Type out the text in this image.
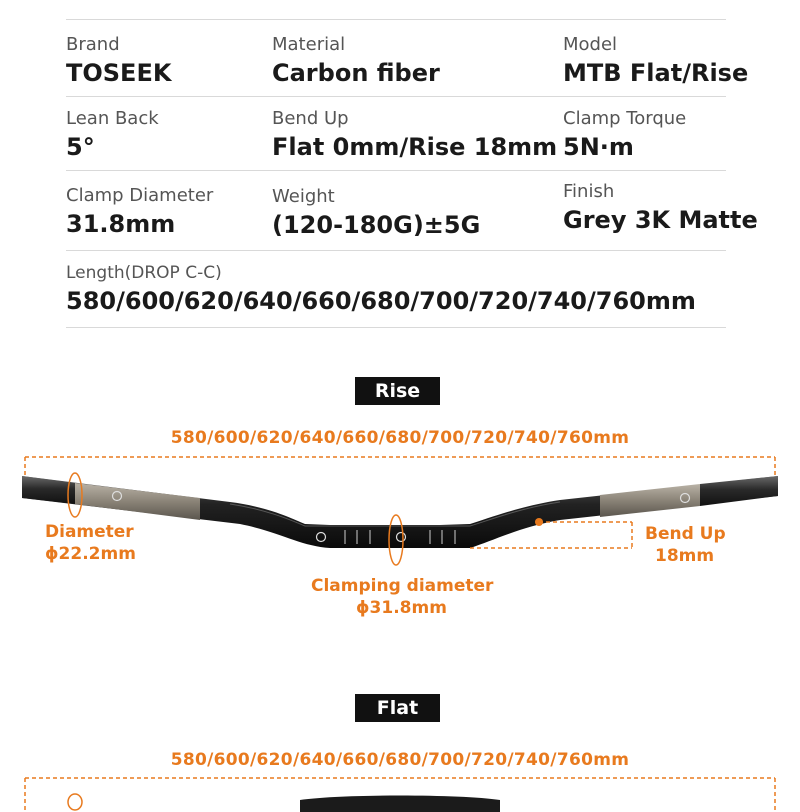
Brand
TOSEEK
Material
Carbon fiber
Model
MTB Flat/Rise
Lean Back
5°
Bend Up
Flat 0mm/Rise 18mm
Clamp Torque
5N·m
Clamp Diameter
31.8mm
Weight
(120-180G)±5G
Finish
Grey 3K Matte
Length(DROP C-C)
580/600/620/640/660/680/700/720/740/760mm
Rise
580/600/620/640/660/680/700/720/740/760mm
Diameter
ϕ22.2mm
Clamping diameter
ϕ31.8mm
Bend Up
18mm
Flat
580/600/620/640/660/680/700/720/740/760mm
